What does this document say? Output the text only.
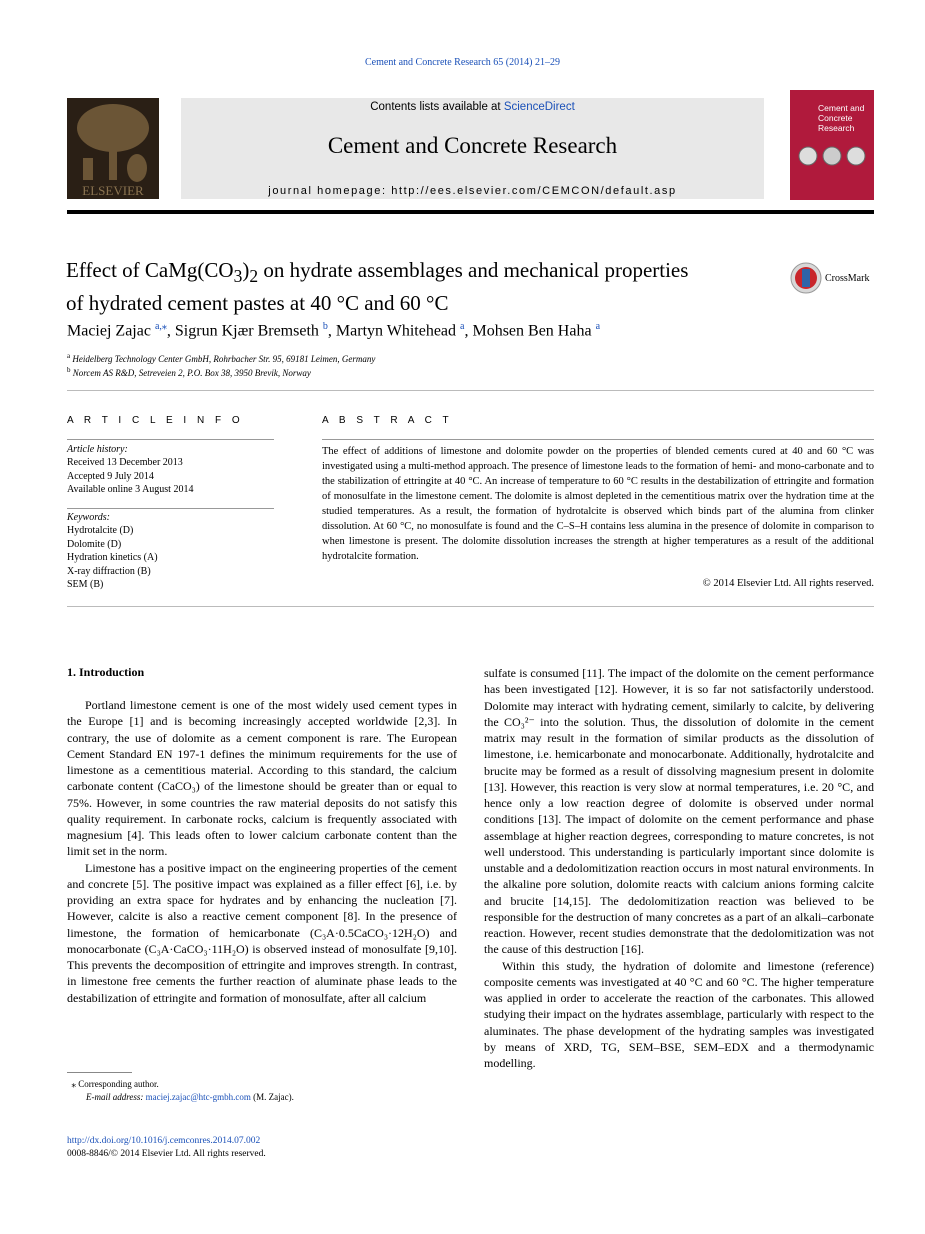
Cement and Concrete Research 65 (2014) 21–29
ELSEVIER
Contents lists available at ScienceDirect
Cement and Concrete Research
journal homepage: http://ees.elsevier.com/CEMCON/default.asp
Cement and
Concrete
Research
Effect of $CaMg(CO_3)_2$ on hydrate assemblages and mechanical properties
of hydrated cement pastes at 40 °C and 60 °C
CrossMark
Maciej Zajac $^{a,⁎}$, Sigrun Kjær Bremseth $^b$, Martyn Whitehead $^a$, Mohsen Ben Haha $^a$
$^a$ Heidelberg Technology Center GmbH, Rohrbacher Str. 95, 69181 Leimen, Germany
$^b$ Norcem AS R&D, Setreveien 2, P.O. Box 38, 3950 Brevik, Norway
A R T I C L E I N F O
Article history:
Received 13 December 2013
Accepted 9 July 2014
Available online 3 August 2014
Keywords:
Hydrotalcite (D)
Dolomite (D)
Hydration kinetics (A)
X-ray diffraction (B)
SEM (B)
A B S T R A C T
The effect of additions of limestone and dolomite powder on the properties of blended cements cured at 40 and 60 °C was investigated using a multi-method approach. The presence of limestone leads to the formation of hemi- and mono-carbonate and to the stabilization of ettringite at 40 °C. An increase of temperature to 60 °C results in the destabilization of ettringite and formation of monosulfate in the limestone cement. The dolomite is almost depleted in the cementitious matrix over the hydration time at the studied temperatures. As a result, the formation of hydrotalcite is observed which binds part of the alumina from clinker dissolution. At 60 °C, no monosulfate is found and the C–S–H contains less alumina in the presence of dolomite in comparison to when limestone is present. The dolomite dissolution increases the strength at higher temperatures as a result of the additional hydrotalcite formation.
© 2014 Elsevier Ltd. All rights reserved.
1. Introduction

Portland limestone cement is one of the most widely used cement types in the Europe [1] and is becoming increasingly accepted worldwide [2,3]. In contrary, the use of dolomite as a cement component is rare. The European Cement Standard EN 197-1 defines the minimum requirements for the use of limestone as a cementitious material. According to this standard, the calcium carbonate content (CaCO₃) of the limestone should be greater than or equal to 75%. However, in some countries the raw material deposits do not satisfy this quality requirement. In carbonate rocks, calcium is frequently associated with magnesium [4]. This leads often to lower calcium carbonate content than the limit set in the norm.

Limestone has a positive impact on the engineering properties of the cement and concrete [5]. The positive impact was explained as a filler effect [6], i.e. by providing an extra space for hydrates and by enhancing the nucleation [7]. However, calcite is also a reactive cement component [8]. In the presence of limestone, the formation of hemicarbonate (C₃A·0.5CaCO₃·12H₂O) and monocarbonate (C₃A·CaCO₃·11H₂O) is observed instead of monosulfate [9,10]. This prevents the decomposition of ettringite and improves strength. In contrast, in limestone free cements the further reaction of aluminate phase leads to the destabilization of ettringite and formation of monosulfate, after all calcium

sulfate is consumed [11]. The impact of the dolomite on the cement performance has been investigated [12]. However, it is so far not satisfactorily understood. Dolomite may interact with hydrating cement, similarly to calcite, by delivering the CO₃²⁻ into the solution. Thus, the dissolution of dolomite in the cement matrix may result in the formation of similar products as the dissolution of limestone, i.e. hemicarbonate and monocarbonate. Additionally, hydrotalcite and brucite may be formed as a result of dissolving magnesium present in dolomite [13]. However, this reaction is very slow at normal temperatures, i.e. 20 °C, and hence only a low reaction degree of dolomite is observed under normal conditions [13]. The impact of dolomite on the cement performance and phase assemblage at higher reaction degrees, corresponding to mature concretes, is not well understood. This understanding is particularly important since dolomite is unstable and a dedolomitization reaction occurs in most natural environments. In the alkaline pore solution, dolomite reacts with calcium anions forming calcite and brucite [14,15]. The dedolomitization reaction was believed to be responsible for the destruction of many concretes as a part of an alkali–carbonate reaction. However, recent studies demonstrate that the dedolomitization was not the cause of this destruction [16].

Within this study, the hydration of dolomite and limestone (reference) composite cements was investigated at 40 °C and 60 °C. The higher temperature was applied in order to accelerate the reaction of the carbonates. This allowed studying their impact on the hydrates assemblage, particularly with respect to the aluminates. The phase development of the hydrating samples was investigated by means of XRD, TG, SEM–BSE, SEM–EDX and a thermodynamic modelling.

⁎ Corresponding author.
E-mail address: maciej.zajac@htc-gmbh.com (M. Zajac).
http://dx.doi.org/10.1016/j.cemconres.2014.07.002
0008-8846/© 2014 Elsevier Ltd. All rights reserved.
